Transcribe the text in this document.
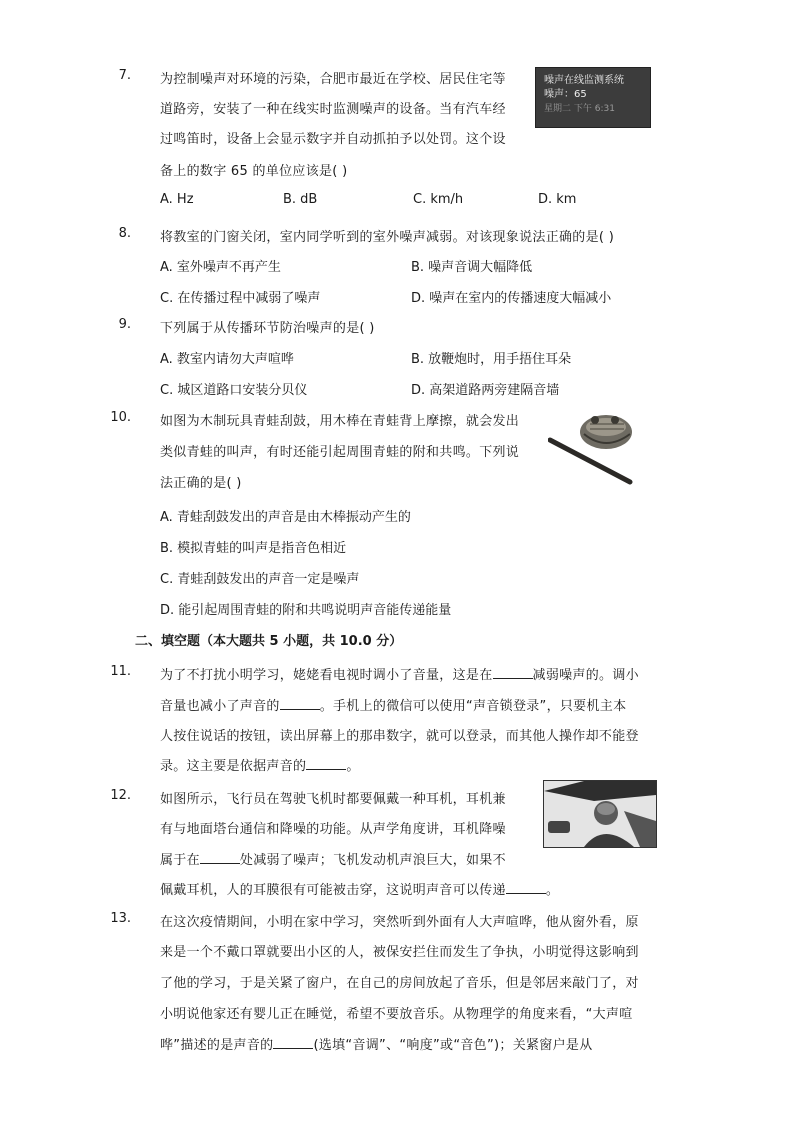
7. 为控制噪声对环境的污染，合肥市最近在学校、居民住宅等
道路旁，安装了一种在线实时监测噪声的设备。当有汽车经
过鸣笛时，设备上会显示数字并自动抓拍予以处罚。这个设
备上的数字 65 的单位应该是( )
A. Hz	B. dB	C. km/h	D. km
噪声在线监测系统
噪声：65
星期二 下午 6:31
8. 将教室的门窗关闭，室内同学听到的室外噪声减弱。对该现象说法正确的是( )
A. 室外噪声不再产生	B. 噪声音调大幅降低
C. 在传播过程中减弱了噪声	D. 噪声在室内的传播速度大幅减小
9. 下列属于从传播环节防治噪声的是( )
A. 教室内请勿大声喧哗	B. 放鞭炮时，用手捂住耳朵
C. 城区道路口安装分贝仪	D. 高架道路两旁建隔音墙
10. 如图为木制玩具青蛙刮鼓，用木棒在青蛙背上摩擦，就会发出
类似青蛙的叫声，有时还能引起周围青蛙的附和共鸣。下列说
法正确的是( )
A. 青蛙刮鼓发出的声音是由木棒振动产生的
B. 模拟青蛙的叫声是指音色相近
C. 青蛙刮鼓发出的声音一定是噪声
D. 能引起周围青蛙的附和共鸣说明声音能传递能量
二、填空题（本大题共 5 小题，共 10.0 分）
11. 为了不打扰小明学习，姥姥看电视时调小了音量，这是在	减弱噪声的。调小
音量也减小了声音的	。手机上的微信可以使用“声音锁登录”，只要机主本
人按住说话的按钮，读出屏幕上的那串数字，就可以登录，而其他人操作却不能登
录。这主要是依据声音的	。
12. 如图所示，飞行员在驾驶飞机时都要佩戴一种耳机，耳机兼
有与地面塔台通信和降噪的功能。从声学角度讲，耳机降噪
属于在	处减弱了噪声；飞机发动机声浪巨大，如果不
佩戴耳机，人的耳膜很有可能被击穿，这说明声音可以传递	。
13. 在这次疫情期间，小明在家中学习，突然听到外面有人大声喧哗，他从窗外看，原
来是一个不戴口罩就要出小区的人，被保安拦住而发生了争执，小明觉得这影响到
了他的学习，于是关紧了窗户，在自己的房间放起了音乐，但是邻居来敲门了，对
小明说他家还有婴儿正在睡觉，希望不要放音乐。从物理学的角度来看，“大声喧
哗”描述的是声音的	(选填“音调”、“响度”或“音色”)；关紧窗户是从
